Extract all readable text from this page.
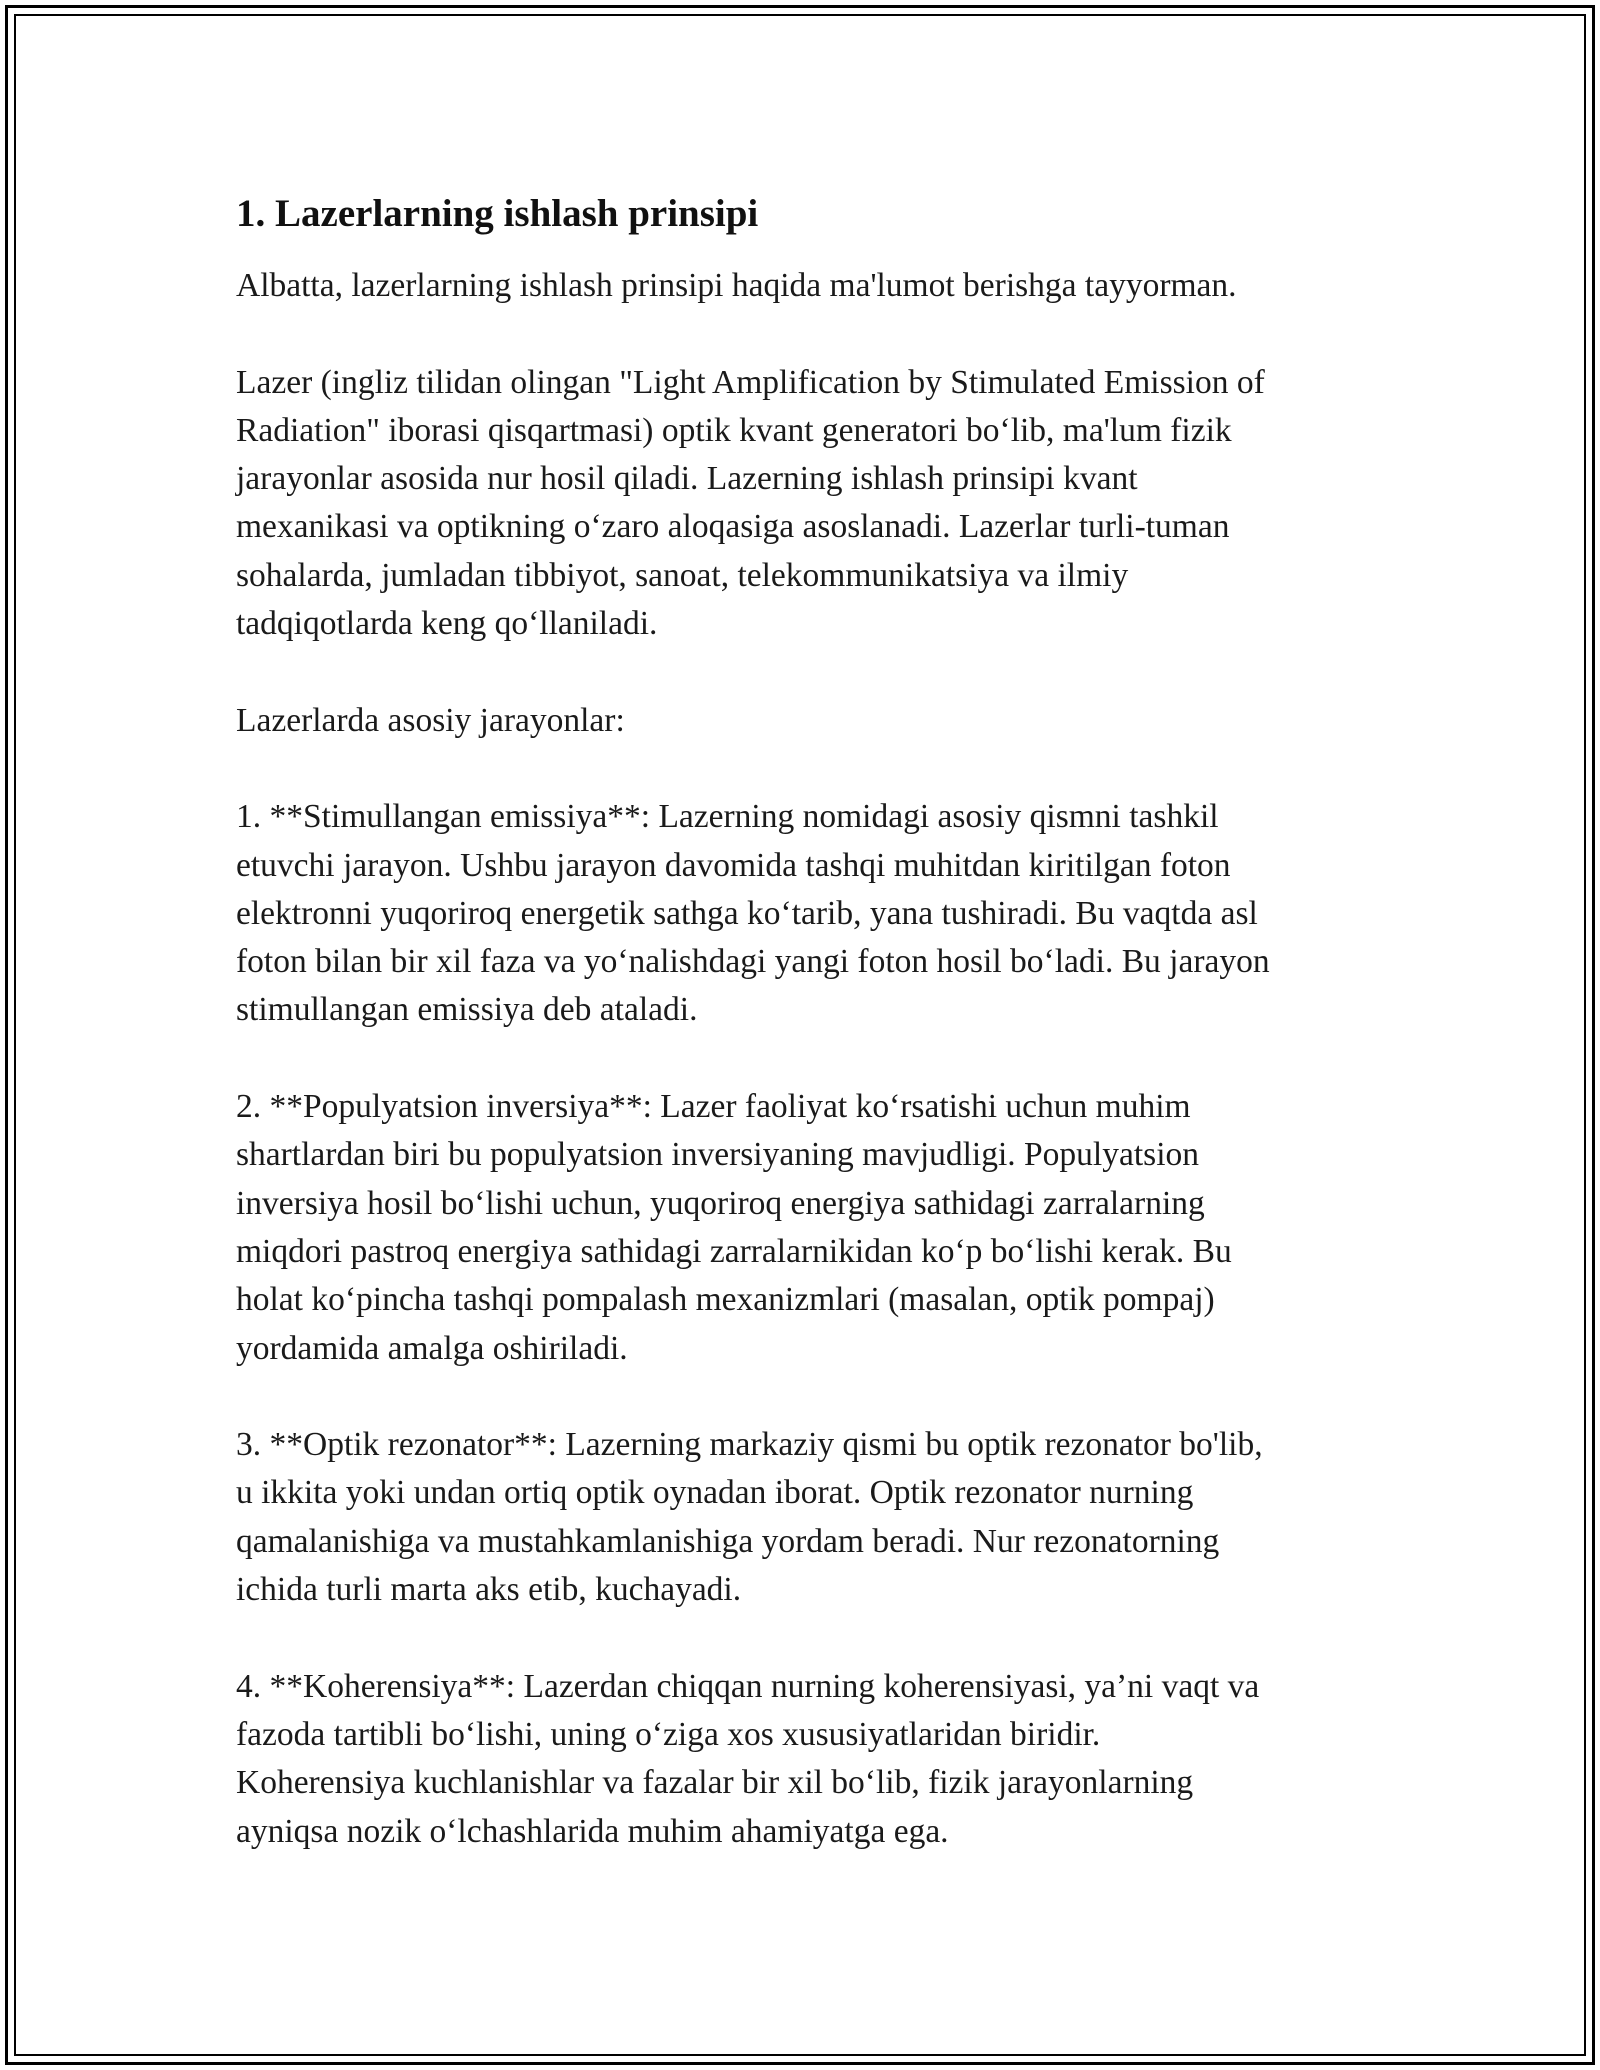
1. Lazerlarning ishlash prinsipi

Albatta, lazerlarning ishlash prinsipi haqida ma'lumot berishga tayyorman.

Lazer (ingliz tilidan olingan "Light Amplification by Stimulated Emission of
Radiation" iborasi qisqartmasi) optik kvant generatori bo‘lib, ma'lum fizik
jarayonlar asosida nur hosil qiladi. Lazerning ishlash prinsipi kvant
mexanikasi va optikning o‘zaro aloqasiga asoslanadi. Lazerlar turli-tuman
sohalarda, jumladan tibbiyot, sanoat, telekommunikatsiya va ilmiy
tadqiqotlarda keng qo‘llaniladi.

Lazerlarda asosiy jarayonlar:

1. **Stimullangan emissiya**: Lazerning nomidagi asosiy qismni tashkil
etuvchi jarayon. Ushbu jarayon davomida tashqi muhitdan kiritilgan foton
elektronni yuqoriroq energetik sathga ko‘tarib, yana tushiradi. Bu vaqtda asl
foton bilan bir xil faza va yo‘nalishdagi yangi foton hosil bo‘ladi. Bu jarayon
stimullangan emissiya deb ataladi.

2. **Populyatsion inversiya**: Lazer faoliyat ko‘rsatishi uchun muhim
shartlardan biri bu populyatsion inversiyaning mavjudligi. Populyatsion
inversiya hosil bo‘lishi uchun, yuqoriroq energiya sathidagi zarralarning
miqdori pastroq energiya sathidagi zarralarnikidan ko‘p bo‘lishi kerak. Bu
holat ko‘pincha tashqi pompalash mexanizmlari (masalan, optik pompaj)
yordamida amalga oshiriladi.

3. **Optik rezonator**: Lazerning markaziy qismi bu optik rezonator bo'lib,
u ikkita yoki undan ortiq optik oynadan iborat. Optik rezonator nurning
qamalanishiga va mustahkamlanishiga yordam beradi. Nur rezonatorning
ichida turli marta aks etib, kuchayadi.

4. **Koherensiya**: Lazerdan chiqqan nurning koherensiyasi, ya’ni vaqt va
fazoda tartibli bo‘lishi, uning o‘ziga xos xususiyatlaridan biridir.
Koherensiya kuchlanishlar va fazalar bir xil bo‘lib, fizik jarayonlarning
ayniqsa nozik o‘lchashlarida muhim ahamiyatga ega.
